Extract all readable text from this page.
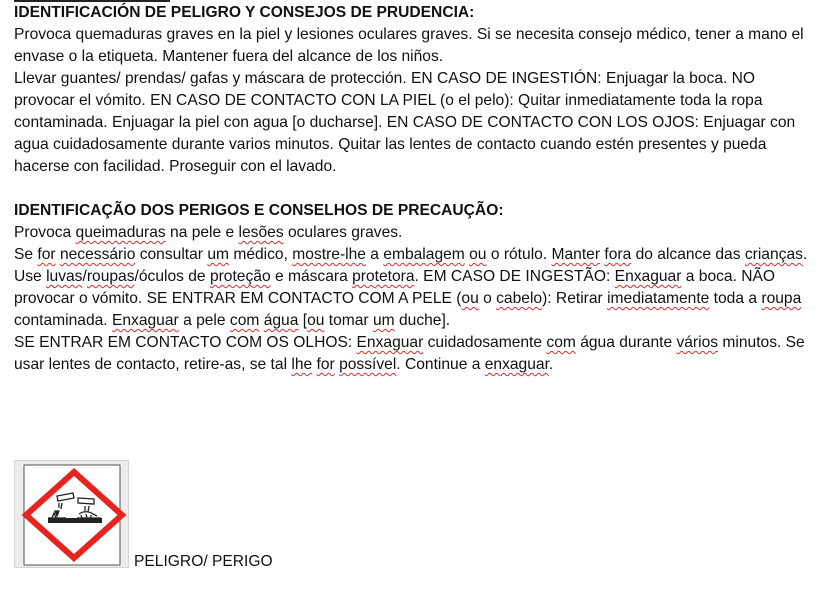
IDENTIFICACIÓN DE PELIGRO Y CONSEJOS DE PRUDENCIA:

Provoca quemaduras graves en la piel y lesiones oculares graves. Si se necesita consejo médico, tener a mano el envase o la etiqueta. Mantener fuera del alcance de los niños.

Llevar guantes/ prendas/ gafas y máscara de protección. EN CASO DE INGESTIÓN: Enjuagar la boca. NO provocar el vómito. EN CASO DE CONTACTO CON LA PIEL (o el pelo): Quitar inmediatamente toda la ropa contaminada. Enjuagar la piel con agua [o ducharse]. EN CASO DE CONTACTO CON LOS OJOS: Enjuagar con agua cuidadosamente durante varios minutos. Quitar las lentes de contacto cuando estén presentes y pueda hacerse con facilidad. Proseguir con el lavado.

IDENTIFICAÇÃO DOS PERIGOS E CONSELHOS DE PRECAUÇÃO:

Provoca queimaduras na pele e lesões oculares graves.

Se for necessário consultar um médico, mostre-lhe a embalagem ou o rótulo. Manter fora do alcance das crianças. Use luvas/roupas/óculos de proteção e máscara protetora. EM CASO DE INGESTÃO: Enxaguar a boca. NÃO provocar o vómito. SE ENTRAR EM CONTACTO COM A PELE (ou o cabelo): Retirar imediatamente toda a roupa contaminada. Enxaguar a pele com água [ou tomar um duche].

SE ENTRAR EM CONTACTO COM OS OLHOS: Enxaguar cuidadosamente com água durante vários minutos. Se usar lentes de contacto, retire-as, se tal lhe for possível. Continue a enxaguar.

PELIGRO/ PERIGO
